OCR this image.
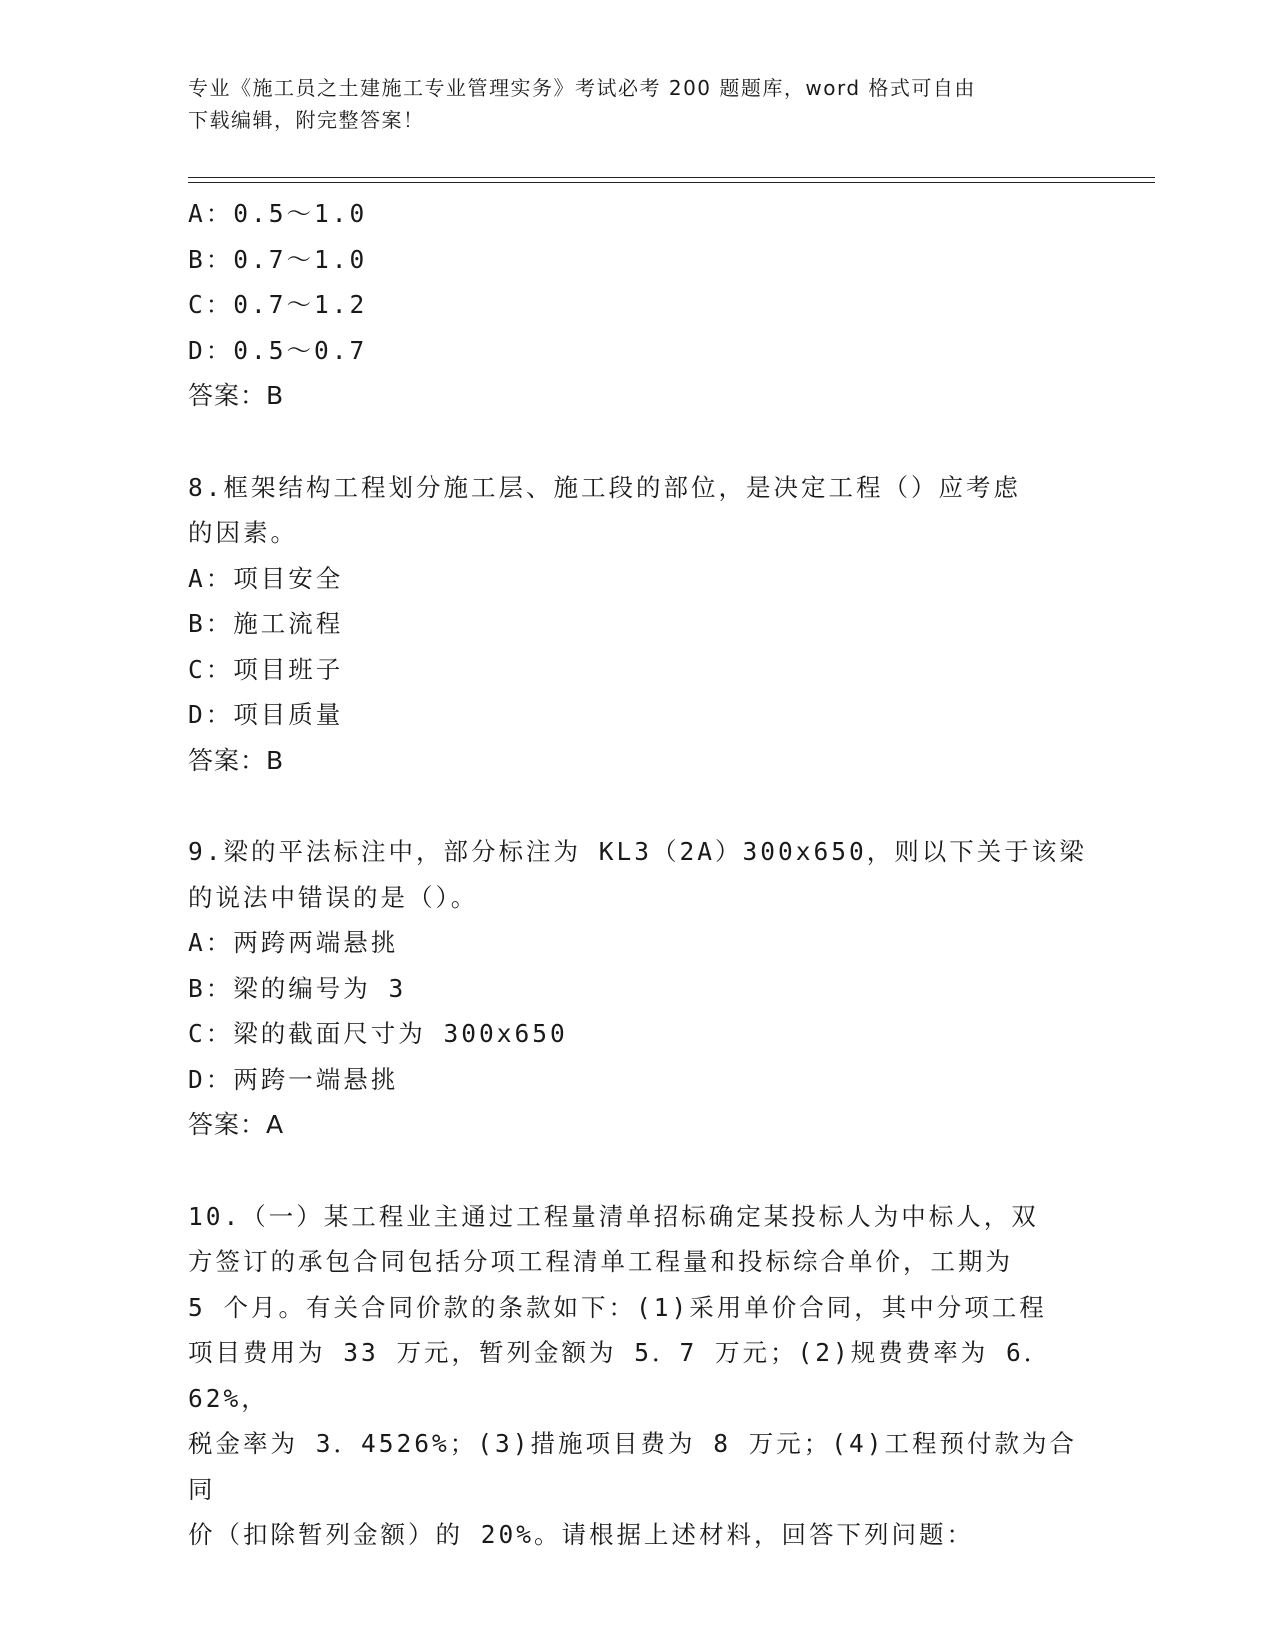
专业《施工员之土建施工专业管理实务》考试必考 200 题题库，word 格式可自由
下载编辑，附完整答案！
A：0.5～1.0
B：0.7～1.0
C：0.7～1.2
D：0.5～0.7
答案：B
8.框架结构工程划分施工层、施工段的部位，是决定工程（）应考虑
的因素。
A：项目安全
B：施工流程
C：项目班子
D：项目质量
答案：B
9.梁的平法标注中，部分标注为 KL3（2A）300x650，则以下关于该梁
的说法中错误的是（）。
A：两跨两端悬挑
B：梁的编号为 3
C：梁的截面尺寸为 300x650
D：两跨一端悬挑
答案：A
10.（一）某工程业主通过工程量清单招标确定某投标人为中标人，双
方签订的承包合同包括分项工程清单工程量和投标综合单价，工期为
5 个月。有关合同价款的条款如下：(1)采用单价合同，其中分项工程
项目费用为 33 万元，暂列金额为 5．7 万元；(2)规费费率为 6．62%，
税金率为 3．4526%；(3)措施项目费为 8 万元；(4)工程预付款为合同
价（扣除暂列金额）的 20%。请根据上述材料，回答下列问题：
